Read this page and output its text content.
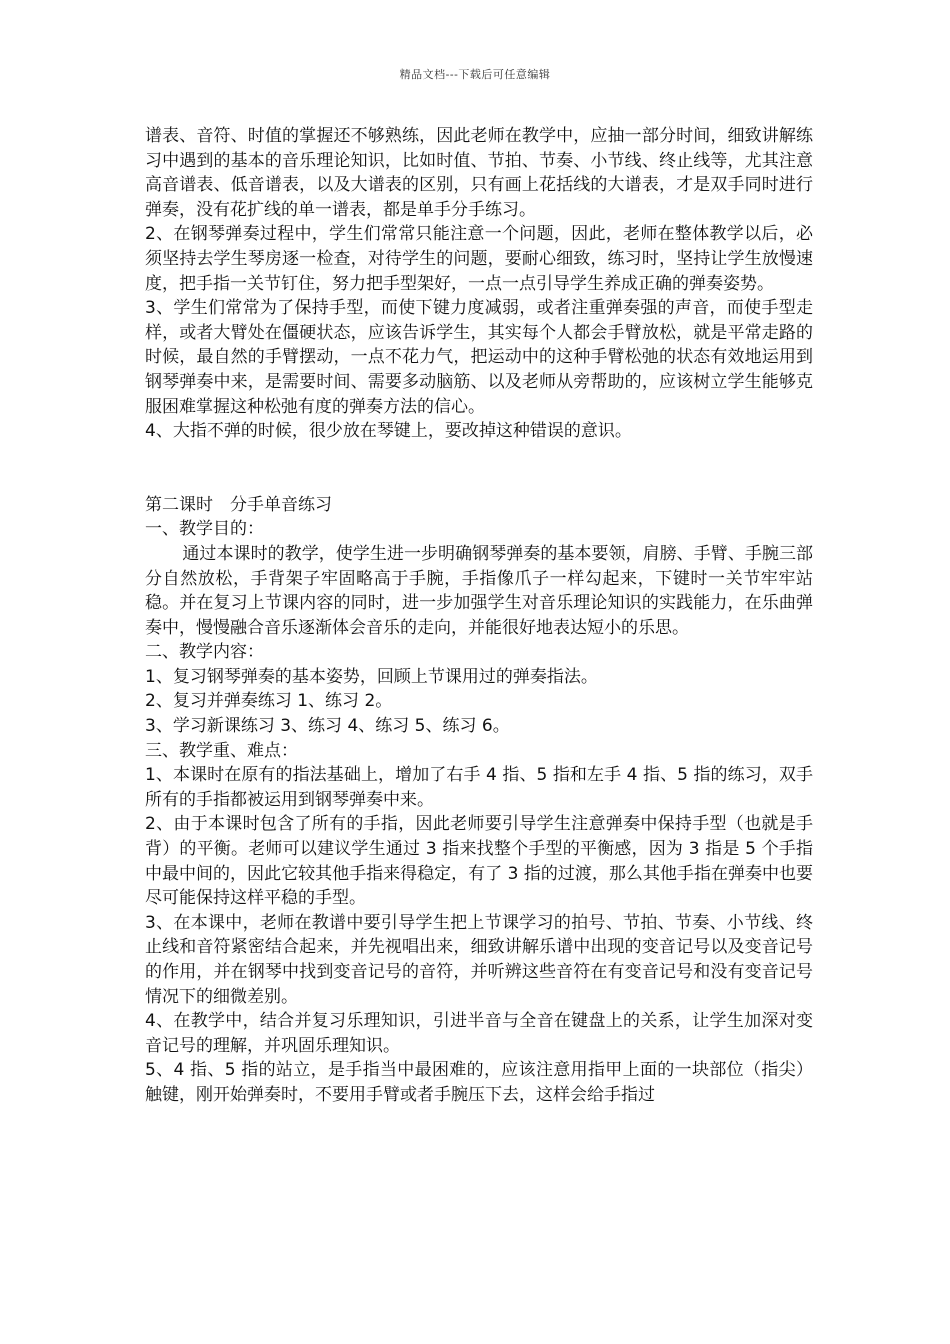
精品文档---下载后可任意编辑

谱表、音符、时值的掌握还不够熟练，因此老师在教学中，应抽一部分时间，细致讲解练习中遇到的基本的音乐理论知识，比如时值、节拍、节奏、小节线、终止线等，尤其注意高音谱表、低音谱表，以及大谱表的区别，只有画上花括线的大谱表，才是双手同时进行弹奏，没有花扩线的单一谱表，都是单手分手练习。

2、在钢琴弹奏过程中，学生们常常只能注意一个问题，因此，老师在整体教学以后，必须坚持去学生琴房逐一检查，对待学生的问题，要耐心细致，练习时，坚持让学生放慢速度，把手指一关节钉住，努力把手型架好，一点一点引导学生养成正确的弹奏姿势。

3、学生们常常为了保持手型，而使下键力度减弱，或者注重弹奏强的声音，而使手型走样，或者大臂处在僵硬状态，应该告诉学生，其实每个人都会手臂放松，就是平常走路的时候，最自然的手臂摆动，一点不花力气，把运动中的这种手臂松弛的状态有效地运用到钢琴弹奏中来，是需要时间、需要多动脑筋、以及老师从旁帮助的，应该树立学生能够克服困难掌握这种松弛有度的弹奏方法的信心。

4、大指不弹的时候，很少放在琴键上，要改掉这种错误的意识。

第二课时　分手单音练习

一、教学目的：

通过本课时的教学，使学生进一步明确钢琴弹奏的基本要领，肩膀、手臂、手腕三部分自然放松，手背架子牢固略高于手腕，手指像爪子一样勾起来，下键时一关节牢牢站稳。并在复习上节课内容的同时，进一步加强学生对音乐理论知识的实践能力，在乐曲弹奏中，慢慢融合音乐逐渐体会音乐的走向，并能很好地表达短小的乐思。

二、教学内容：

1、复习钢琴弹奏的基本姿势，回顾上节课用过的弹奏指法。

2、复习并弹奏练习 1、练习 2。

3、学习新课练习 3、练习 4、练习 5、练习 6。

三、教学重、难点：

1、本课时在原有的指法基础上，增加了右手 4 指、5 指和左手 4 指、5 指的练习，双手所有的手指都被运用到钢琴弹奏中来。

2、由于本课时包含了所有的手指，因此老师要引导学生注意弹奏中保持手型（也就是手背）的平衡。老师可以建议学生通过 3 指来找整个手型的平衡感，因为 3 指是 5 个手指中最中间的，因此它较其他手指来得稳定，有了 3 指的过渡，那么其他手指在弹奏中也要尽可能保持这样平稳的手型。

3、在本课中，老师在教谱中要引导学生把上节课学习的拍号、节拍、节奏、小节线、终止线和音符紧密结合起来，并先视唱出来，细致讲解乐谱中出现的变音记号以及变音记号的作用，并在钢琴中找到变音记号的音符，并听辨这些音符在有变音记号和没有变音记号情况下的细微差别。

4、在教学中，结合并复习乐理知识，引进半音与全音在键盘上的关系，让学生加深对变音记号的理解，并巩固乐理知识。

5、4 指、5 指的站立，是手指当中最困难的，应该注意用指甲上面的一块部位（指尖）触键，刚开始弹奏时，不要用手臂或者手腕压下去，这样会给手指过
